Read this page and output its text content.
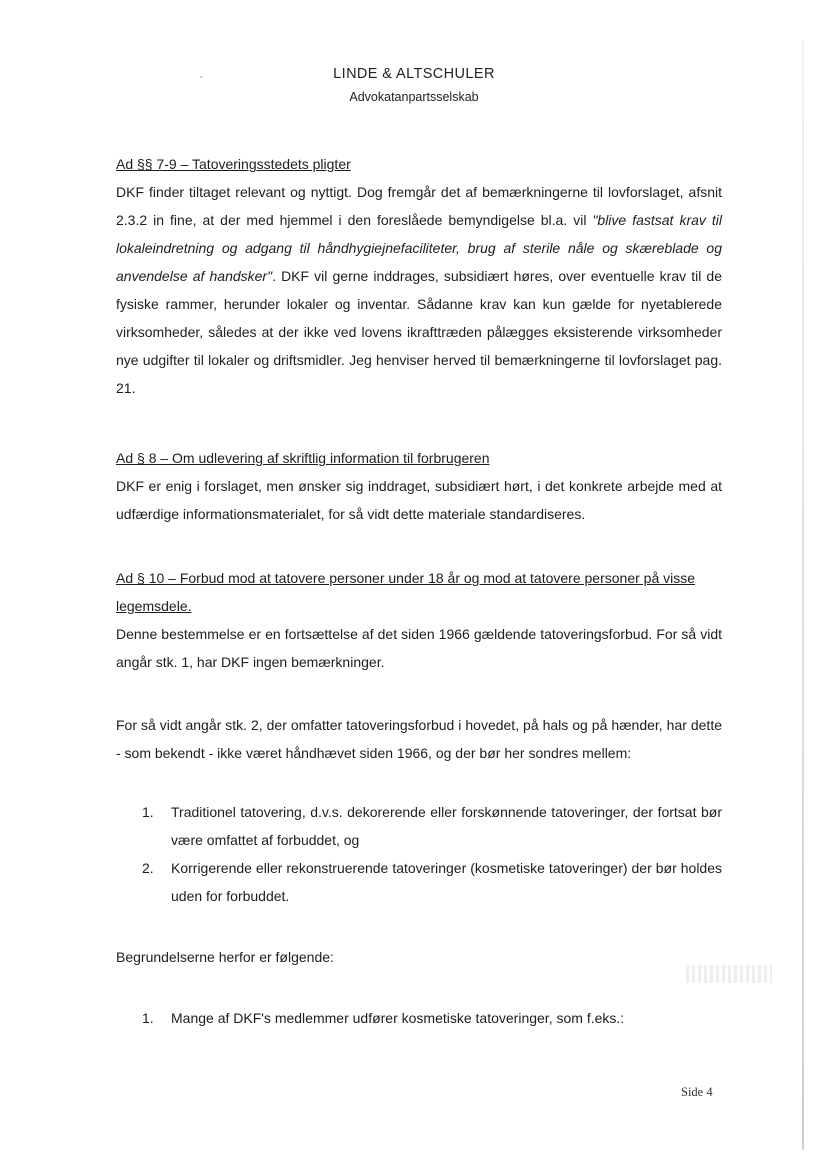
LINDE & ALTSCHULER
Advokatanpartsselskab
Ad §§ 7-9 – Tatoveringsstedets pligter
DKF finder tiltaget relevant og nyttigt. Dog fremgår det af bemærkningerne til lovforslaget, afsnit 2.3.2 in fine, at der med hjemmel i den foreslåede bemyndigelse bl.a. vil "blive fastsat krav til lokaleindretning og adgang til håndhygiejnefaciliteter, brug af sterile nåle og skæreblade og anvendelse af handsker". DKF vil gerne inddrages, subsidiært høres, over eventuelle krav til de fysiske rammer, herunder lokaler og inventar. Sådanne krav kan kun gælde for nyetablerede virksomheder, således at der ikke ved lovens ikrafttræden pålægges eksisterende virksomheder nye udgifter til lokaler og driftsmidler. Jeg henviser herved til bemærkningerne til lovforslaget pag. 21.
Ad § 8 – Om udlevering af skriftlig information til forbrugeren
DKF er enig i forslaget, men ønsker sig inddraget, subsidiært hørt, i det konkrete arbejde med at udfærdige informationsmaterialet, for så vidt dette materiale standardiseres.
Ad § 10 – Forbud mod at tatovere personer under 18 år og mod at tatovere personer på visse legemsdele.
Denne bestemmelse er en fortsættelse af det siden 1966 gældende tatoveringsforbud. For så vidt angår stk. 1, har DKF ingen bemærkninger.
For så vidt angår stk. 2, der omfatter tatoveringsforbud i hovedet, på hals og på hænder, har dette - som bekendt - ikke været håndhævet siden 1966, og der bør her sondres mellem:
1.	Traditionel tatovering, d.v.s. dekorerende eller forskønnende tatoveringer, der fortsat bør være omfattet af forbuddet, og
2.	Korrigerende eller rekonstruerende tatoveringer (kosmetiske tatoveringer) der bør holdes uden for forbuddet.
Begrundelserne herfor er følgende:
1.	Mange af DKF's medlemmer udfører kosmetiske tatoveringer, som f.eks.:
Side 4
